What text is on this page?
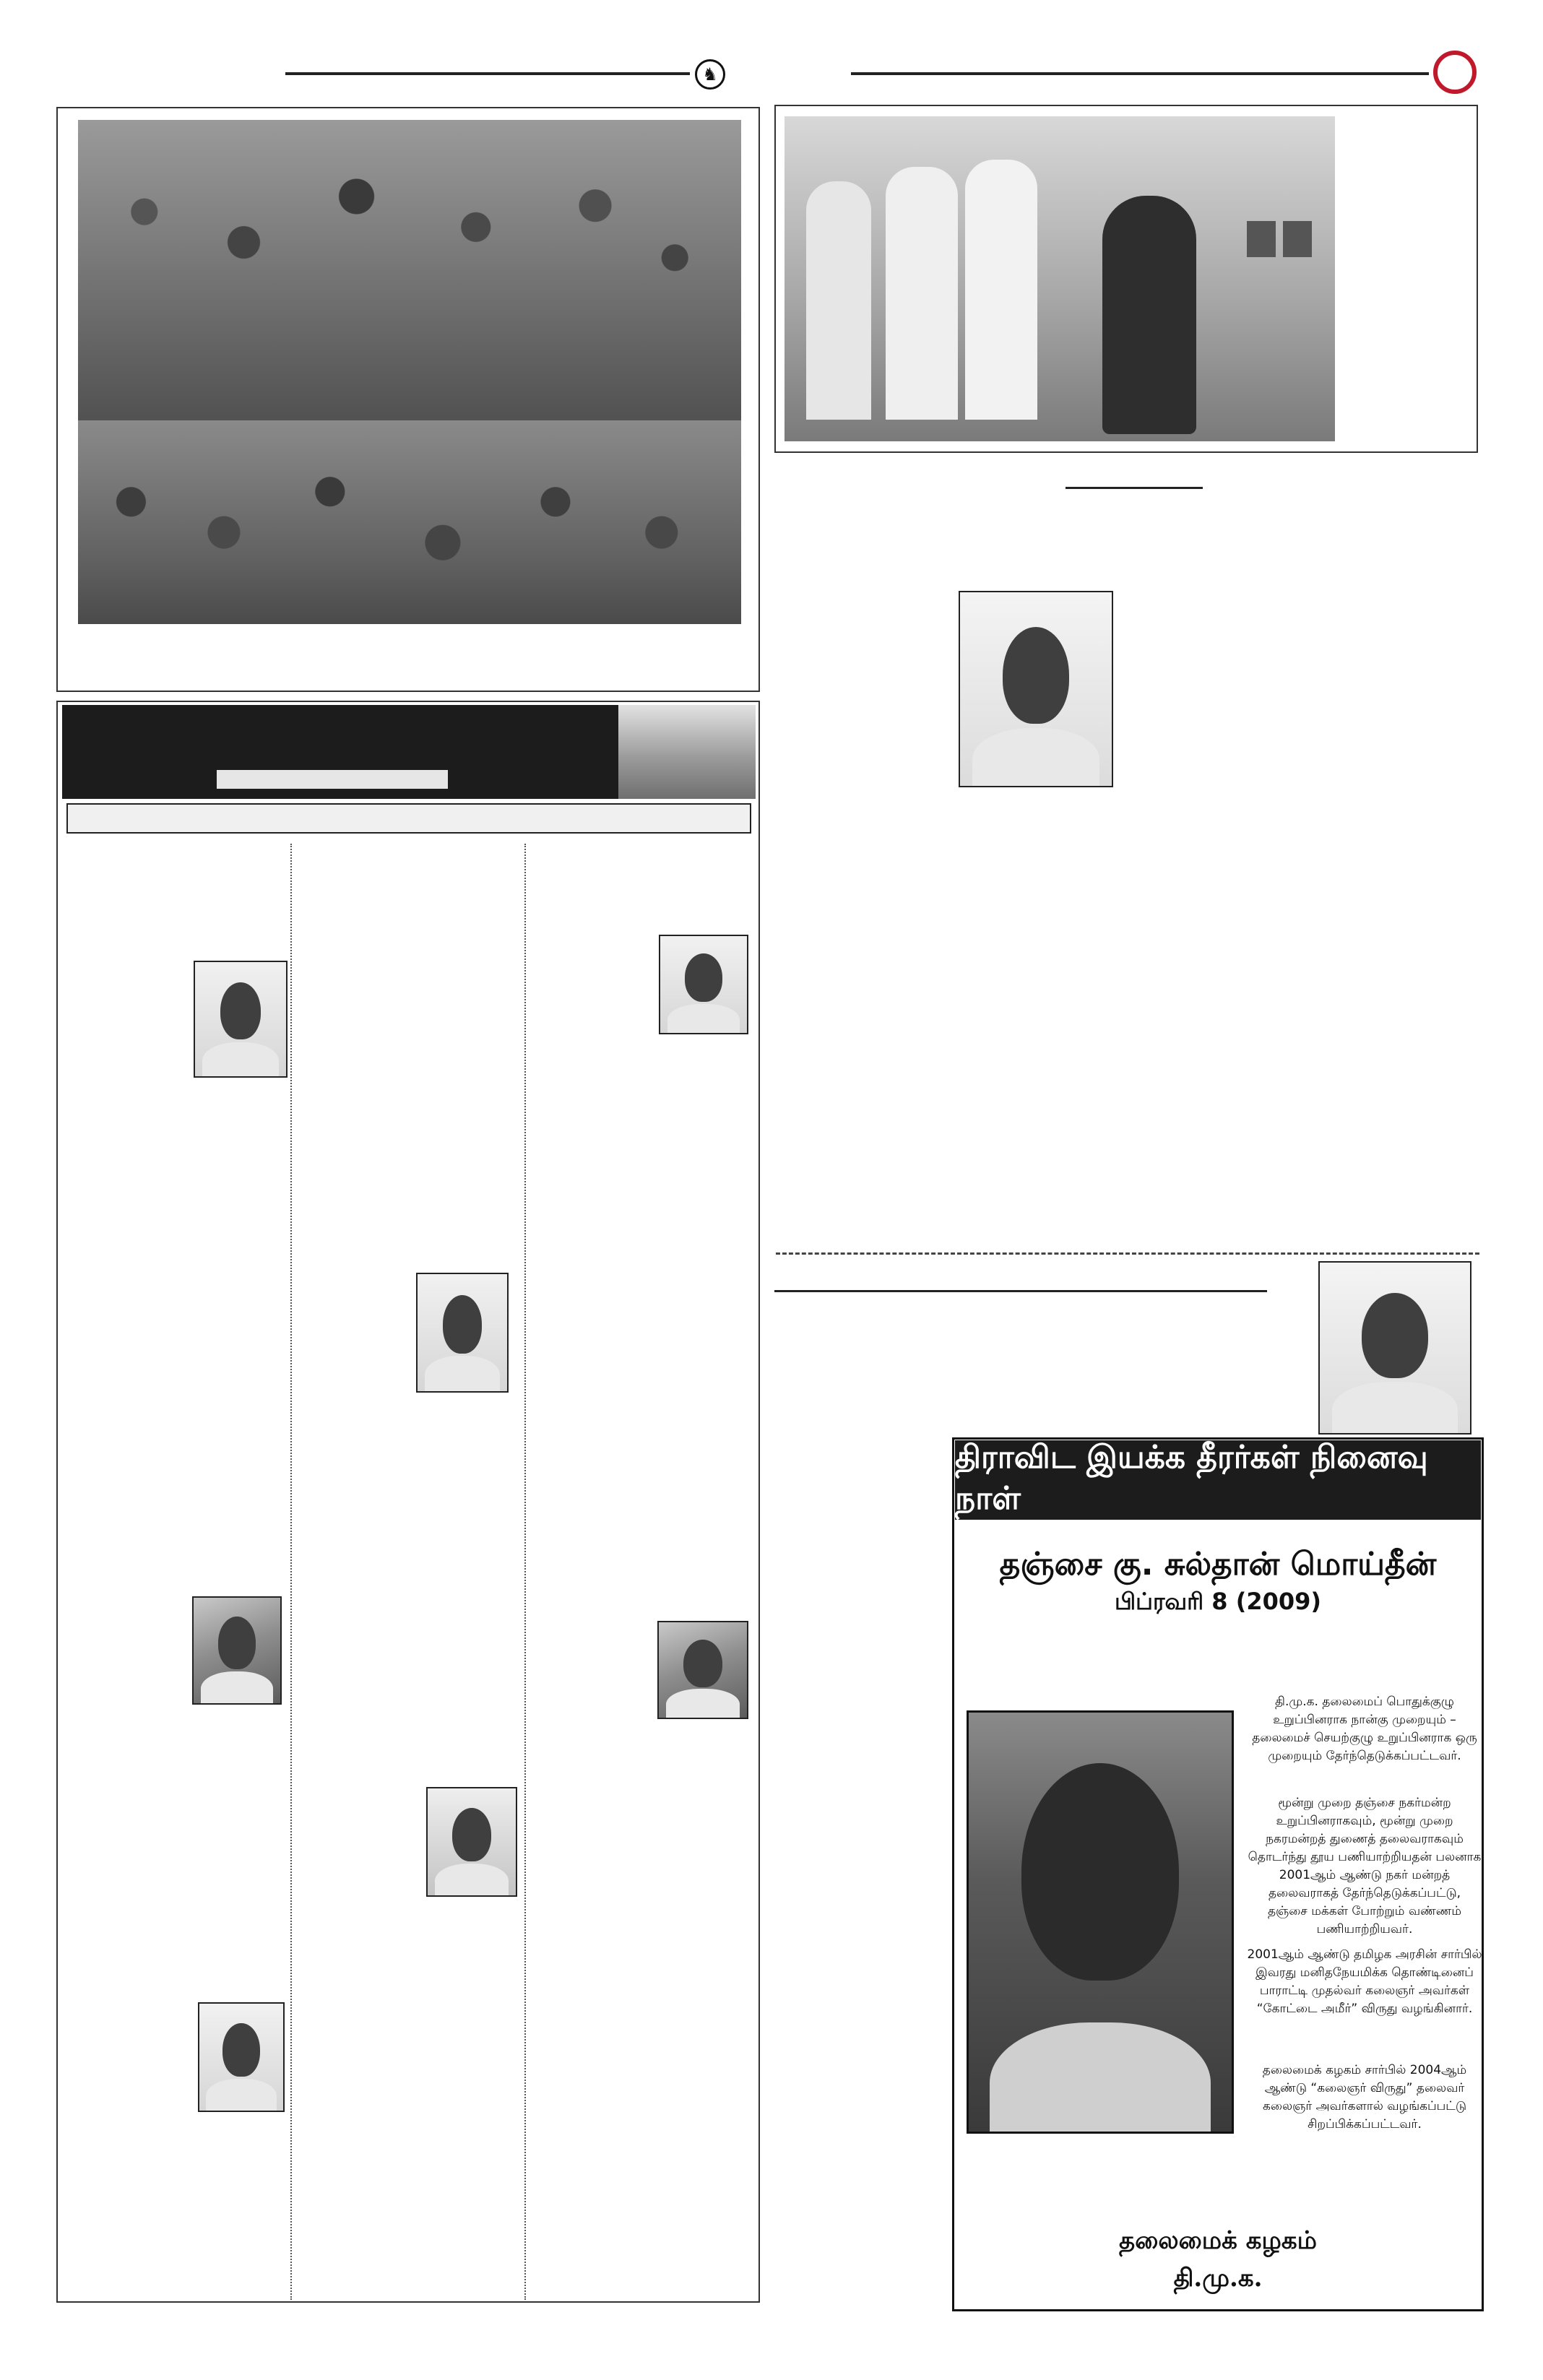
♞
திராவிட இயக்க தீரர்கள் நினைவு நாள்
தஞ்சை கு. சுல்தான் மொய்தீன்
பிப்ரவரி 8 (2009)
தி.மு.க. தலைமைப் பொதுக்குழு உறுப்பினராக நான்கு முறையும் – தலைமைச் செயற்குழு உறுப்பினராக ஒரு முறையும் தேர்ந்தெடுக்கப்பட்டவர்.
மூன்று முறை தஞ்சை நகர்மன்ற உறுப்பினராகவும், மூன்று முறை நகரமன்றத் துணைத் தலைவராகவும் தொடர்ந்து தூய பணியாற்றியதன் பலனாக 2001ஆம் ஆண்டு நகர் மன்றத் தலைவராகத் தேர்ந்தெடுக்கப்பட்டு, தஞ்சை மக்கள் போற்றும் வண்ணம் பணியாற்றியவர்.
2001ஆம் ஆண்டு தமிழக அரசின் சார்பில் இவரது மனிதநேயமிக்க தொண்டினைப் பாராட்டி முதல்வர் கலைஞர் அவர்கள் “கோட்டை அமீர்” விருது வழங்கினார்.
தலைமைக் கழகம் சார்பில் 2004ஆம் ஆண்டு “கலைஞர் விருது” தலைவர் கலைஞர் அவர்களால் வழங்கப்பட்டு சிறப்பிக்கப்பட்டவர்.
தலைமைக் கழகம்
தி.மு.க.
